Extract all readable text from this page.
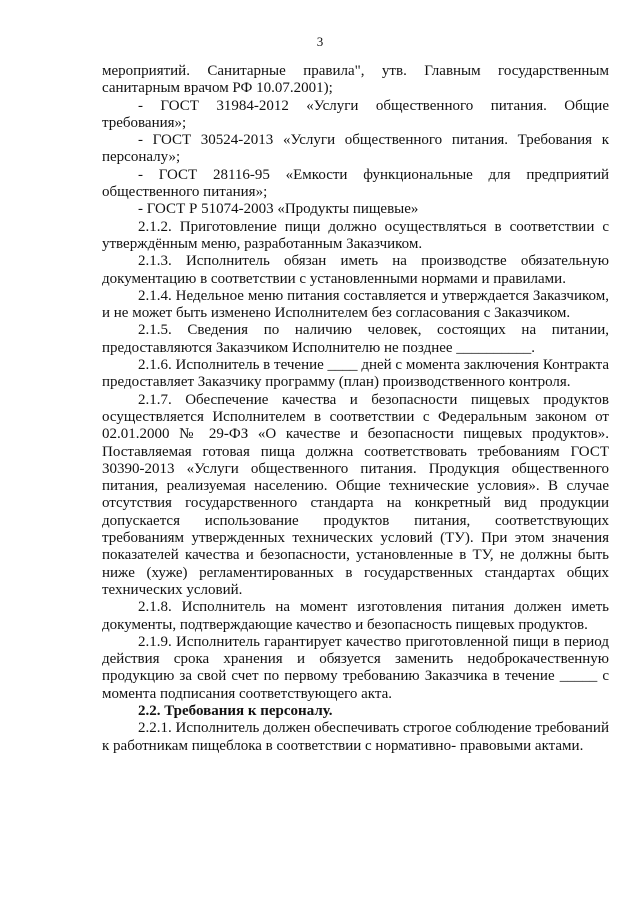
3

мероприятий. Санитарные правила", утв. Главным государственным санитарным врачом РФ 10.07.2001);

- ГОСТ 31984-2012 «Услуги общественного питания. Общие требования»;

- ГОСТ 30524-2013 «Услуги общественного питания. Требования к персоналу»;

- ГОСТ 28116-95 «Емкости функциональные для предприятий общественного питания»;

- ГОСТ Р 51074-2003 «Продукты пищевые»

2.1.2. Приготовление пищи должно осуществляться в соответствии с утверждённым меню, разработанным Заказчиком.

2.1.3. Исполнитель обязан иметь на производстве обязательную документацию в соответствии с установленными нормами и правилами.

2.1.4. Недельное меню питания составляется и утверждается Заказчиком, и не может быть изменено Исполнителем без согласования с Заказчиком.

2.1.5. Сведения по наличию человек, состоящих на питании, предоставляются Заказчиком Исполнителю не позднее __________.

2.1.6. Исполнитель в течение ____ дней с момента заключения Контракта предоставляет Заказчику программу (план) производственного контроля.

2.1.7. Обеспечение качества и безопасности пищевых продуктов осуществляется Исполнителем в соответствии с Федеральным законом от 02.01.2000 № 29-ФЗ «О качестве и безопасности пищевых продуктов». Поставляемая готовая пища должна соответствовать требованиям ГОСТ 30390-2013 «Услуги общественного питания. Продукция общественного питания, реализуемая населению. Общие технические условия». В случае отсутствия государственного стандарта на конкретный вид продукции допускается использование продуктов питания, соответствующих требованиям утвержденных технических условий (ТУ). При этом значения показателей качества и безопасности, установленные в ТУ, не должны быть ниже (хуже) регламентированных в государственных стандартах общих технических условий.

2.1.8. Исполнитель на момент изготовления питания должен иметь документы, подтверждающие качество и безопасность пищевых продуктов.

2.1.9. Исполнитель гарантирует качество приготовленной пищи в период действия срока хранения и обязуется заменить недоброкачественную продукцию за свой счет по первому требованию Заказчика в течение _____ с момента подписания соответствующего акта.

2.2. Требования к персоналу.

2.2.1. Исполнитель должен обеспечивать строгое соблюдение требований к работникам пищеблока в соответствии с нормативно- правовыми актами.
